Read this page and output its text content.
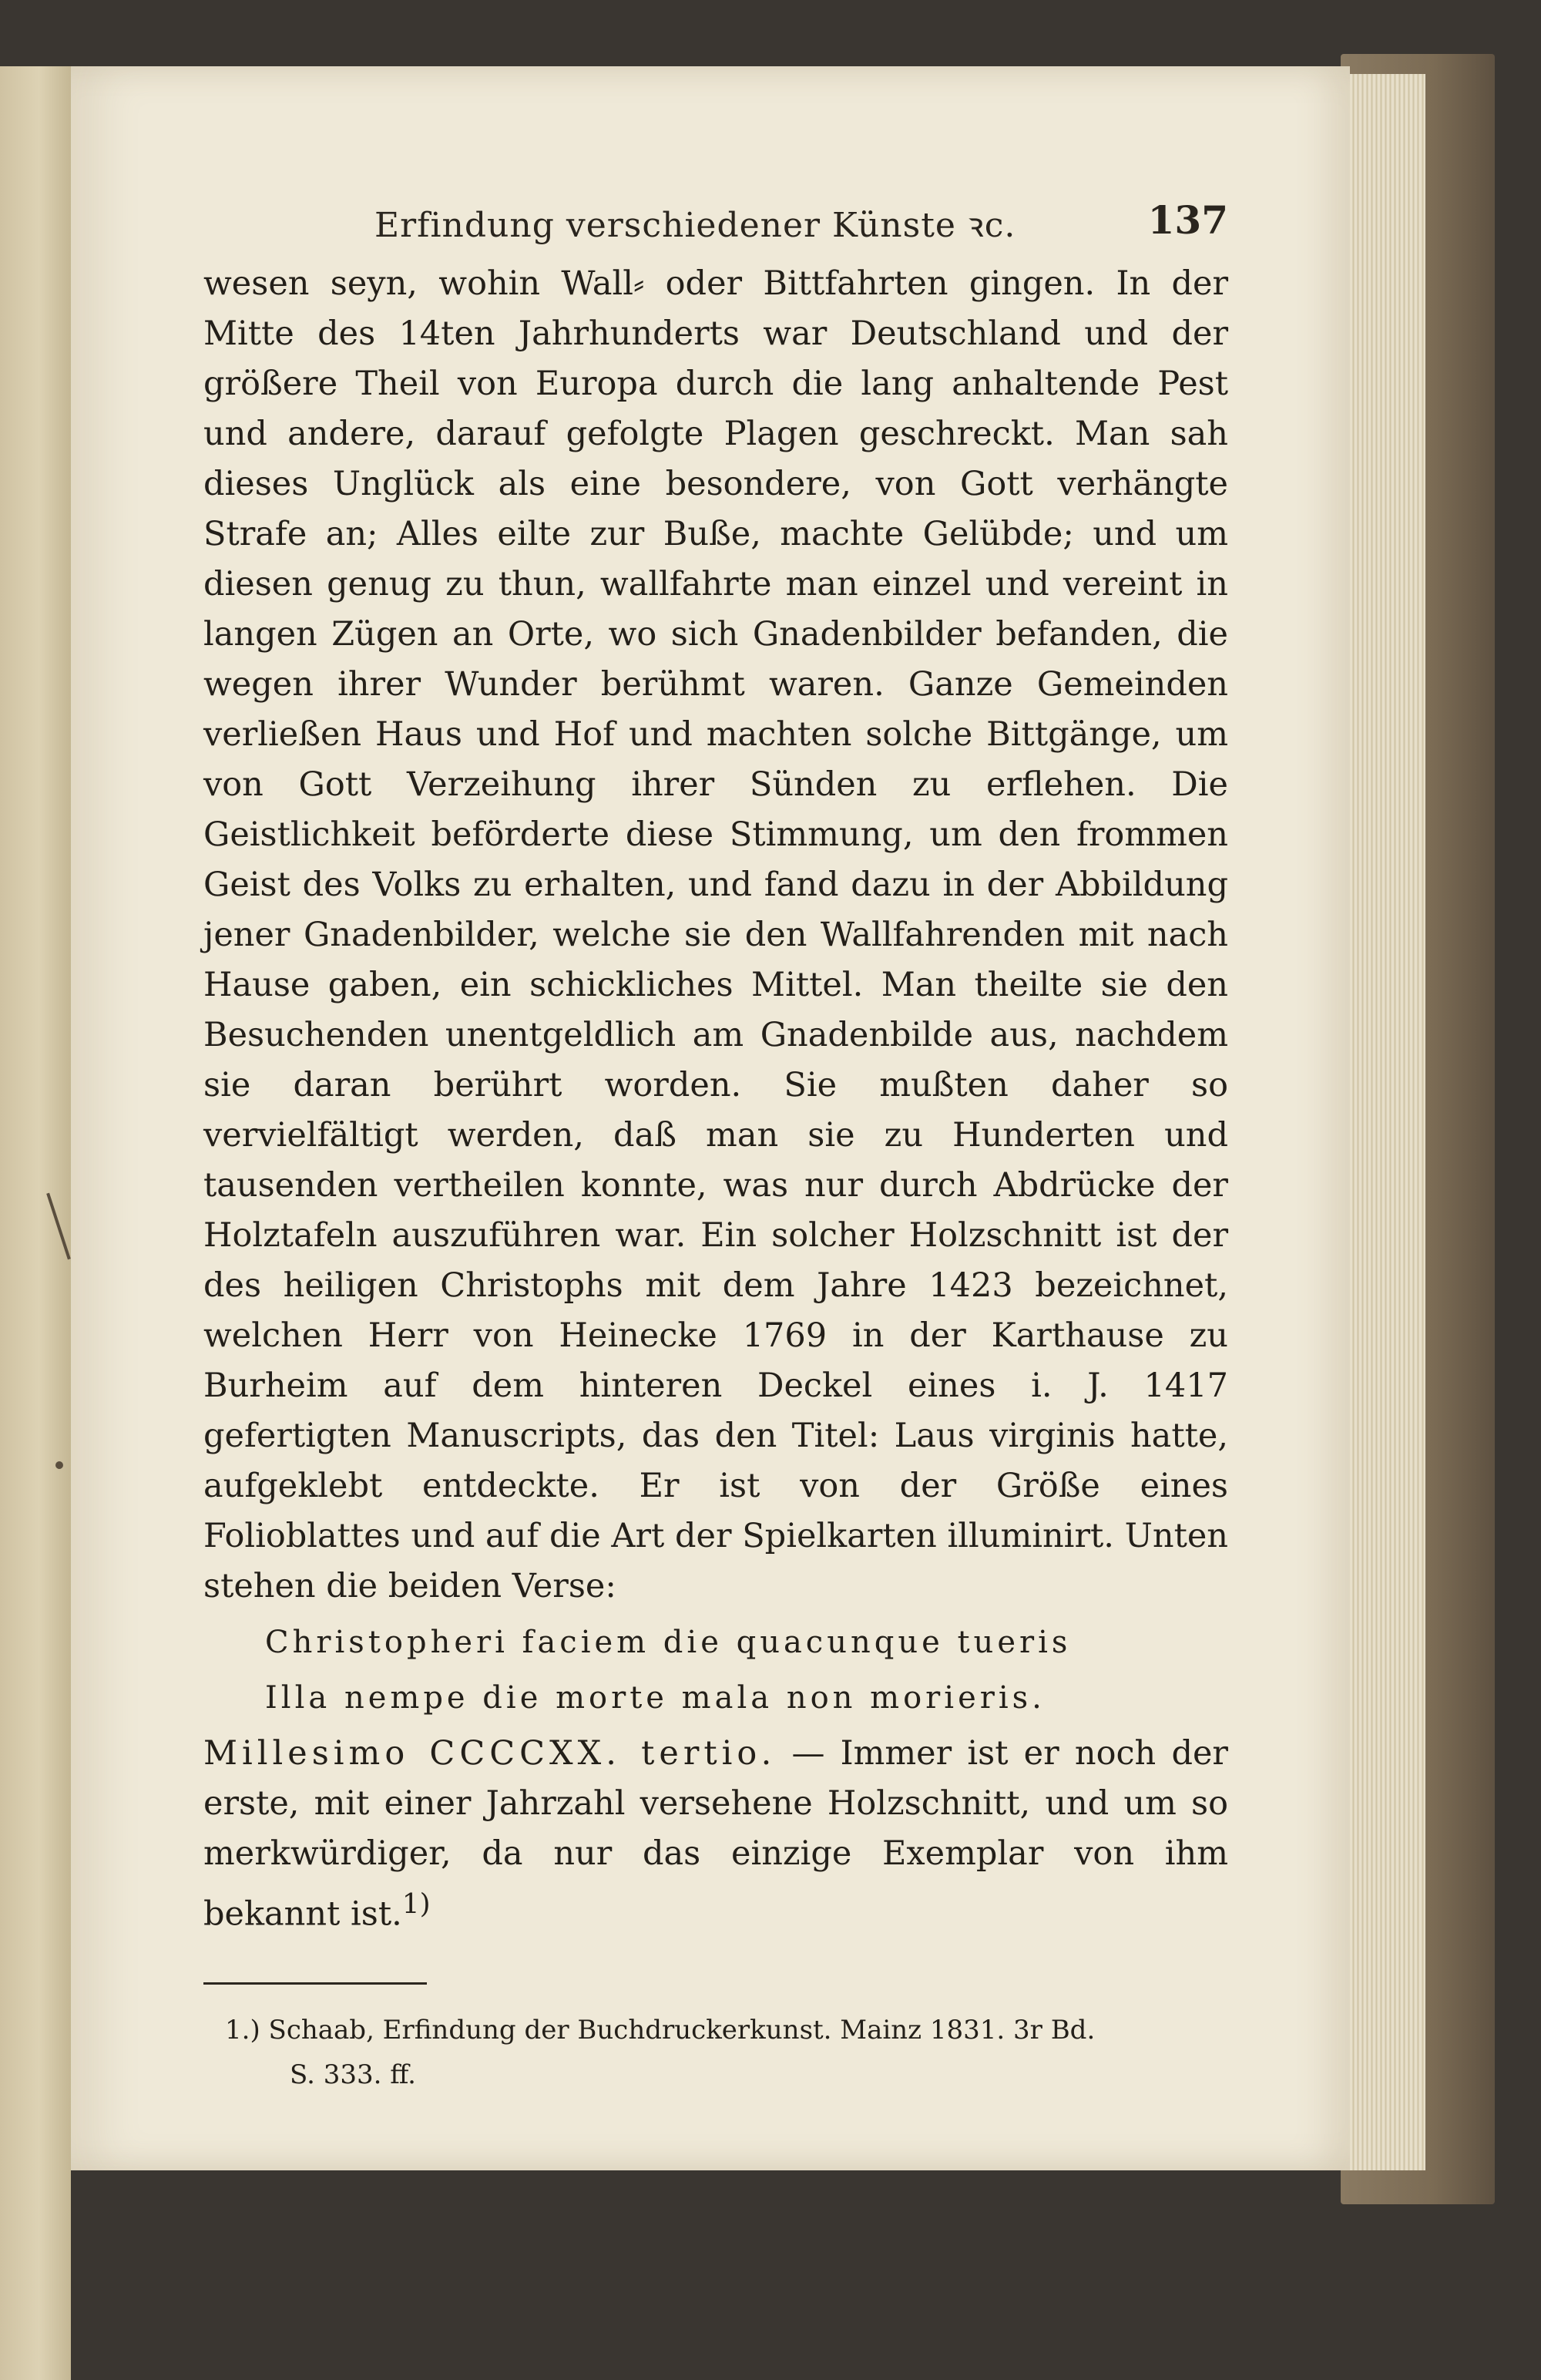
Erfindung verschiedener Künste ꝛc.	137

wesen seyn, wohin Wall⸗ oder Bittfahrten gingen. In der Mitte des 14ten Jahrhunderts war Deutschland und der größere Theil von Europa durch die lang anhaltende Pest und andere, darauf gefolgte Plagen geschreckt. Man sah dieses Unglück als eine besondere, von Gott verhängte Strafe an; Alles eilte zur Buße, machte Gelübde; und um diesen genug zu thun, wallfahrte man einzel und vereint in langen Zügen an Orte, wo sich Gnadenbilder befanden, die wegen ihrer Wunder berühmt waren. Ganze Gemeinden verließen Haus und Hof und machten solche Bittgänge, um von Gott Verzeihung ihrer Sünden zu erflehen. Die Geistlichkeit beförderte diese Stimmung, um den frommen Geist des Volks zu erhalten, und fand dazu in der Abbildung jener Gnadenbilder, welche sie den Wallfahrenden mit nach Hause gaben, ein schickliches Mittel. Man theilte sie den Besuchenden unentgeldlich am Gnadenbilde aus, nachdem sie daran berührt worden. Sie mußten daher so vervielfältigt werden, daß man sie zu Hunderten und tausenden vertheilen konnte, was nur durch Abdrücke der Holztafeln auszuführen war. Ein solcher Holzschnitt ist der des heiligen Christophs mit dem Jahre 1423 bezeichnet, welchen Herr von Heinecke 1769 in der Karthause zu Burheim auf dem hinteren Deckel eines i. J. 1417 gefertigten Manuscripts, das den Titel: Laus virginis hatte, aufgeklebt entdeckte. Er ist von der Größe eines Folioblattes und auf die Art der Spielkarten illuminirt. Unten stehen die beiden Verse:

Christopheri faciem die quacunque tueris
Illa nempe die morte mala non morieris.

Millesimo CCCCXX. tertio. — Immer ist er noch der erste, mit einer Jahrzahl versehene Holzschnitt, und um so merkwürdiger, da nur das einzige Exemplar von ihm bekannt ist.$^{1)}$

1.) Schaab, Erfindung der Buchdruckerkunst. Mainz 1831. 3r Bd.
S. 333. ff.
